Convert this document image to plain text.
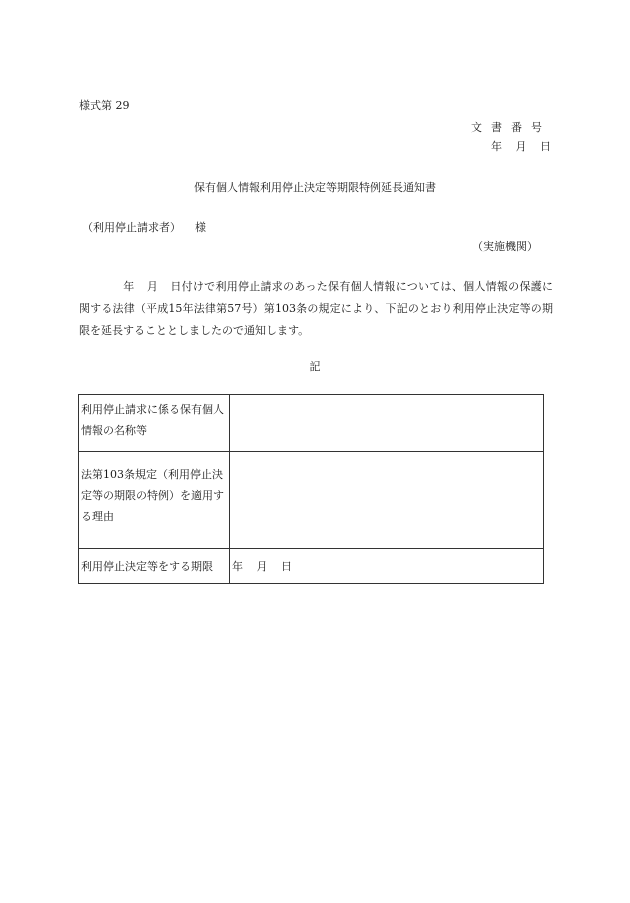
様式第 29
文書番号
年 月 日
保有個人情報利用停止決定等期限特例延長通知書
（利用停止請求者） 様
（実施機関）
年 月 日付けで利用停止請求のあった保有個人情報については、個人情報の保護に関する法律（平成15年法律第57号）第103条の規定により、下記のとおり利用停止決定等の期限を延長することとしましたので通知します。
記
利用停止請求に係る保有個人情報の名称等	
法第103条規定（利用停止決定等の期限の特例）を適用する理由	
利用停止決定等をする期限	年 月 日
